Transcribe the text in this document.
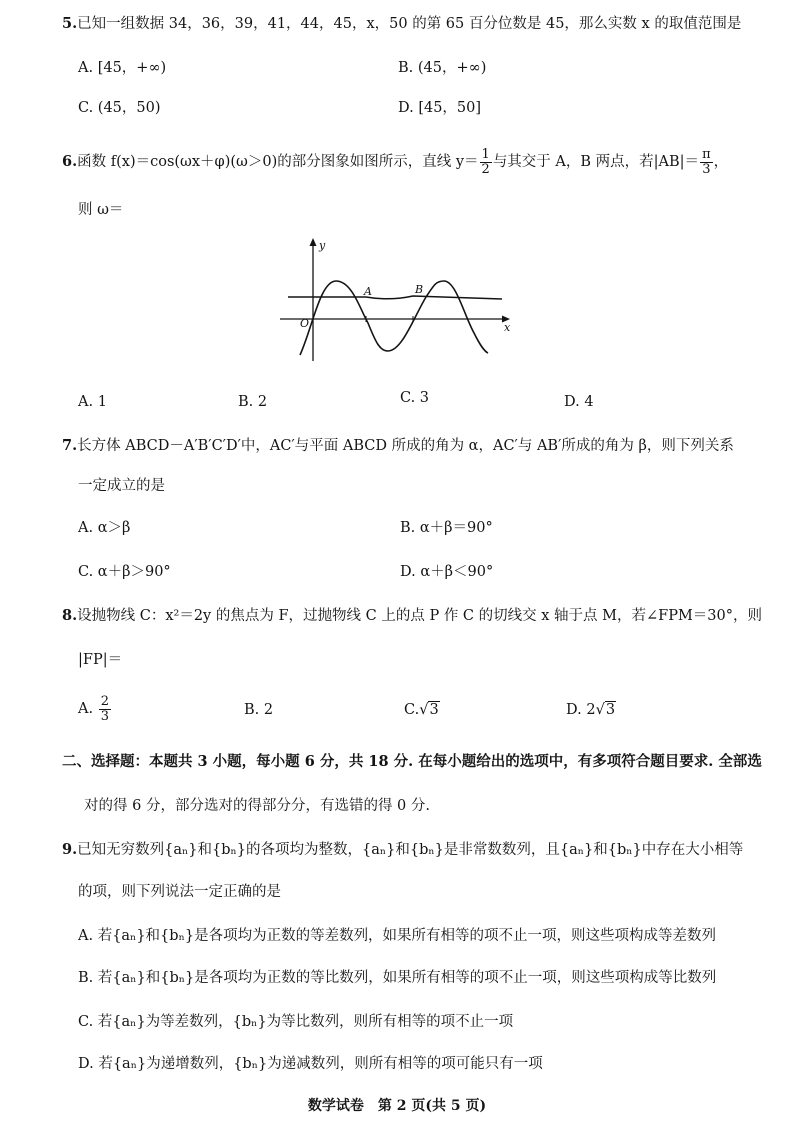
5.已知一组数据 34，36，39，41，44，45，x，50 的第 65 百分位数是 45，那么实数 x 的取值范围是
A. [45，+∞)	B. (45，+∞)
C. (45，50)	D. [45，50]
6.函数 f(x)＝cos(ωx＋φ)(ω＞0)的部分图象如图所示，直线 $y= \frac{1}{2}$ 与其交于 A，B 两点，若$|AB|= \frac{\pi}{3}$ ，
则 ω＝
y
x
O
A	B
A. 1	B. 2	C. 3	D. 4
7.长方体 ABCD－A′B′C′D′中，AC′与平面 ABCD 所成的角为 α，AC′与 AB′所成的角为 β，则下列关系
一定成立的是
A. α＞β	B. α＋β＝90°
C. α＋β＞90°	D. α＋β＜90°
8.设抛物线 C：x²＝2y 的焦点为 F，过抛物线 C 上的点 P 作 C 的切线交 x 轴于点 M，若∠FPM＝30°，则
|FP|＝
A. $\frac{2}{3}$	B. 2	C.√3	D. 2√3
二、选择题：本题共 3 小题，每小题 6 分，共 18 分. 在每小题给出的选项中，有多项符合题目要求. 全部选
对的得 6 分，部分选对的得部分分，有选错的得 0 分.
9.已知无穷数列{aₙ}和{bₙ}的各项均为整数，{aₙ}和{bₙ}是非常数数列，且{aₙ}和{bₙ}中存在大小相等
的项，则下列说法一定正确的是
A. 若{aₙ}和{bₙ}是各项均为正数的等差数列，如果所有相等的项不止一项，则这些项构成等差数列
B. 若{aₙ}和{bₙ}是各项均为正数的等比数列，如果所有相等的项不止一项，则这些项构成等比数列
C. 若{aₙ}为等差数列，{bₙ}为等比数列，则所有相等的项不止一项
D. 若{aₙ}为递增数列，{bₙ}为递减数列，则所有相等的项可能只有一项
数学试卷　第 2 页(共 5 页)
